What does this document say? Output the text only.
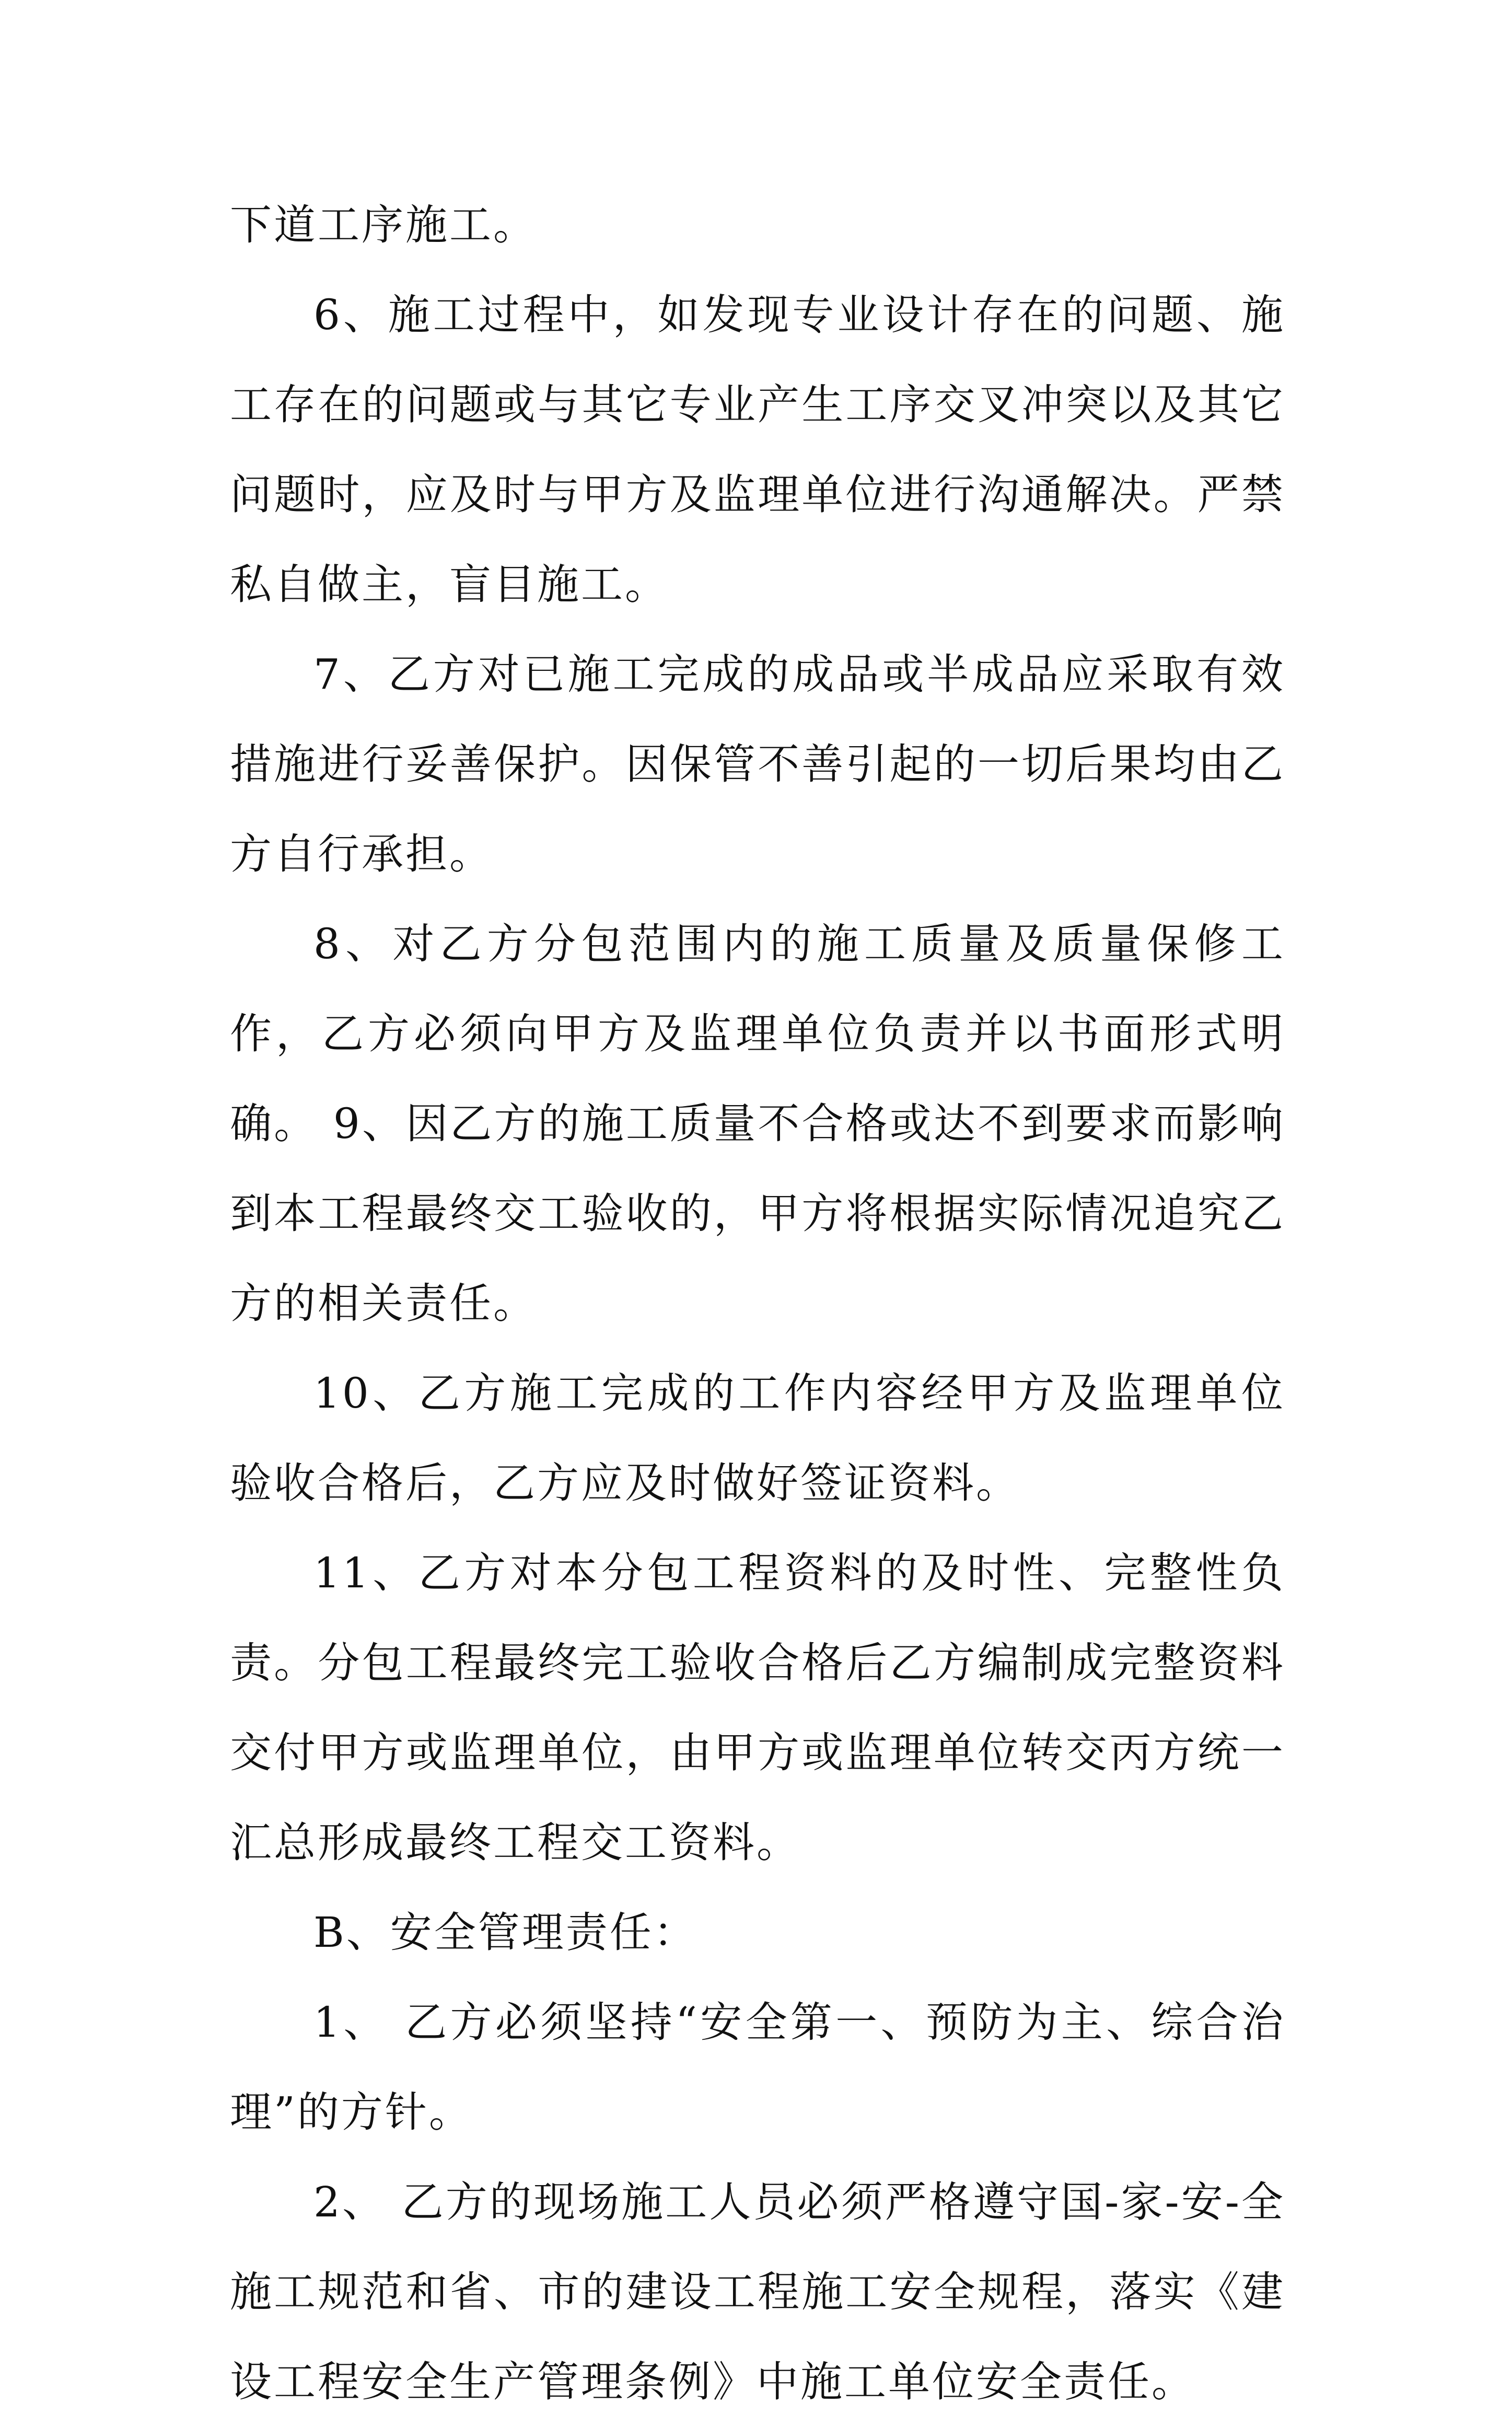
下道工序施工。

6、施工过程中，如发现专业设计存在的问题、施工存在的问题或与其它专业产生工序交叉冲突以及其它问题时，应及时与甲方及监理单位进行沟通解决。严禁私自做主，盲目施工。

7、乙方对已施工完成的成品或半成品应采取有效措施进行妥善保护。因保管不善引起的一切后果均由乙方自行承担。

8、对乙方分包范围内的施工质量及质量保修工作，乙方必须向甲方及监理单位负责并以书面形式明确。 9、因乙方的施工质量不合格或达不到要求而影响到本工程最终交工验收的，甲方将根据实际情况追究乙方的相关责任。

10、乙方施工完成的工作内容经甲方及监理单位验收合格后，乙方应及时做好签证资料。

11、乙方对本分包工程资料的及时性、完整性负责。分包工程最终完工验收合格后乙方编制成完整资料交付甲方或监理单位，由甲方或监理单位转交丙方统一汇总形成最终工程交工资料。

B、安全管理责任：

1、 乙方必须坚持“安全第一、预防为主、综合治理”的方针。

2、 乙方的现场施工人员必须严格遵守国-家-安-全施工规范和省、市的建设工程施工安全规程，落实《建设工程安全生产管理条例》中施工单位安全责任。
